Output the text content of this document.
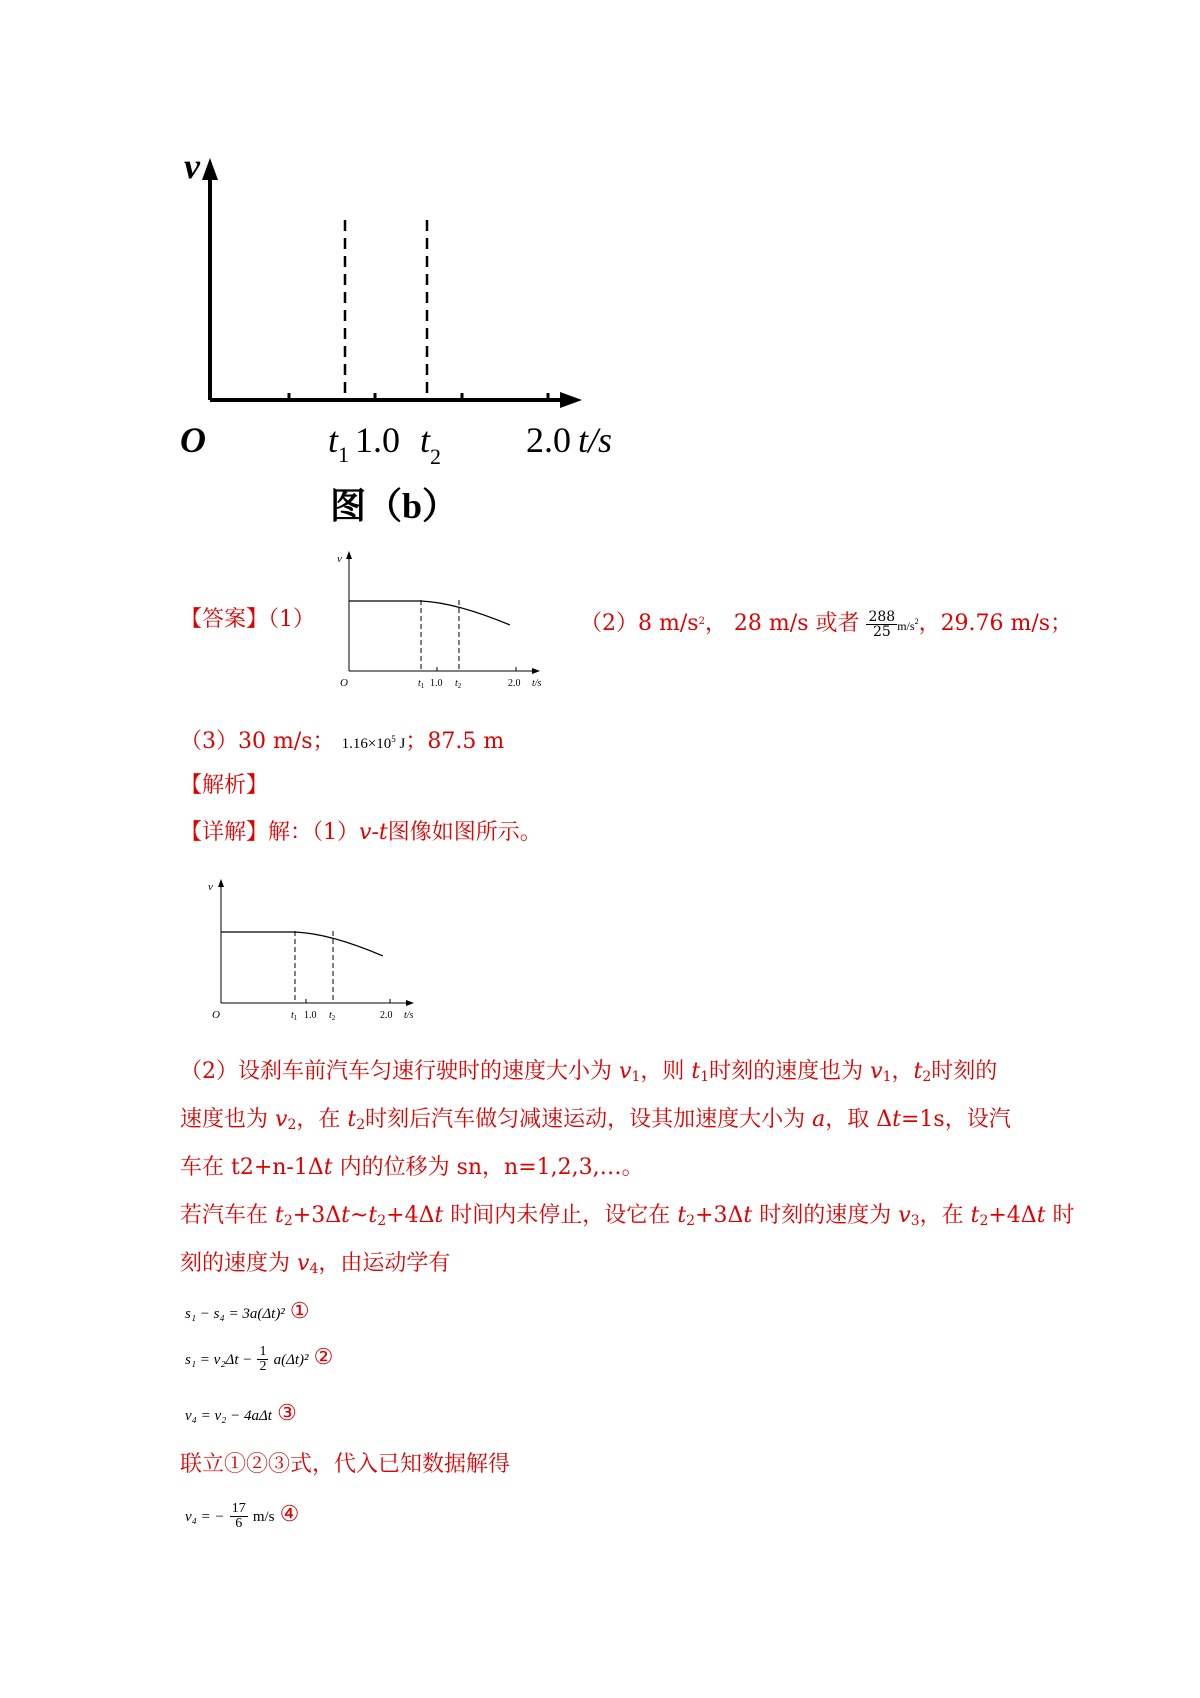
v
O	$t_1$ 1.0 $t_2$ 2.0 t/s
图（b）
【答案】（1）
v
O	$t_1$ 1.0 $t_2$	2.0 t/s
（2）8 $m/s^2$， 28 m/s 或者 $\frac{288}{25} m/s^2$，29.76 m/s；
（3）30 m/s； $1.16\times 10^5$ J；87.5 m
【解析】
【详解】解：（1）v-t图像如图所示。
v
O	$t_1$ 1.0 $t_2$	2.0 t/s
（2）设刹车前汽车匀速行驶时的速度大小为 $v_1$，则 $t_1$时刻的速度也为 $v_1$，$t_2$时刻的
速度也为 $v_2$，在 $t_2$时刻后汽车做匀减速运动，设其加速度大小为 a，取 Δt=1s，设汽
车在 t2+n-1Δt 内的位移为 sn，n=1,2,3,…。
若汽车在 $t_2+3\Delta t\sim t_2+4\Delta t$ 时间内未停止，设它在 $t_2+3\Delta t$ 时刻的速度为 $v_3$，在 $t_2+4\Delta t$ 时
刻的速度为 $v_4$，由运动学有
s₁ − s₄ = 3a(Δt)² ①
$s_1 = v_2\Delta t - \frac{1}{2} a(\Delta t)^2$ ②
v₄ = v₂ − 4aΔt ③
联立①②③式，代入已知数据解得
v₄ = − $\frac{17}{6} m/s$ ④
